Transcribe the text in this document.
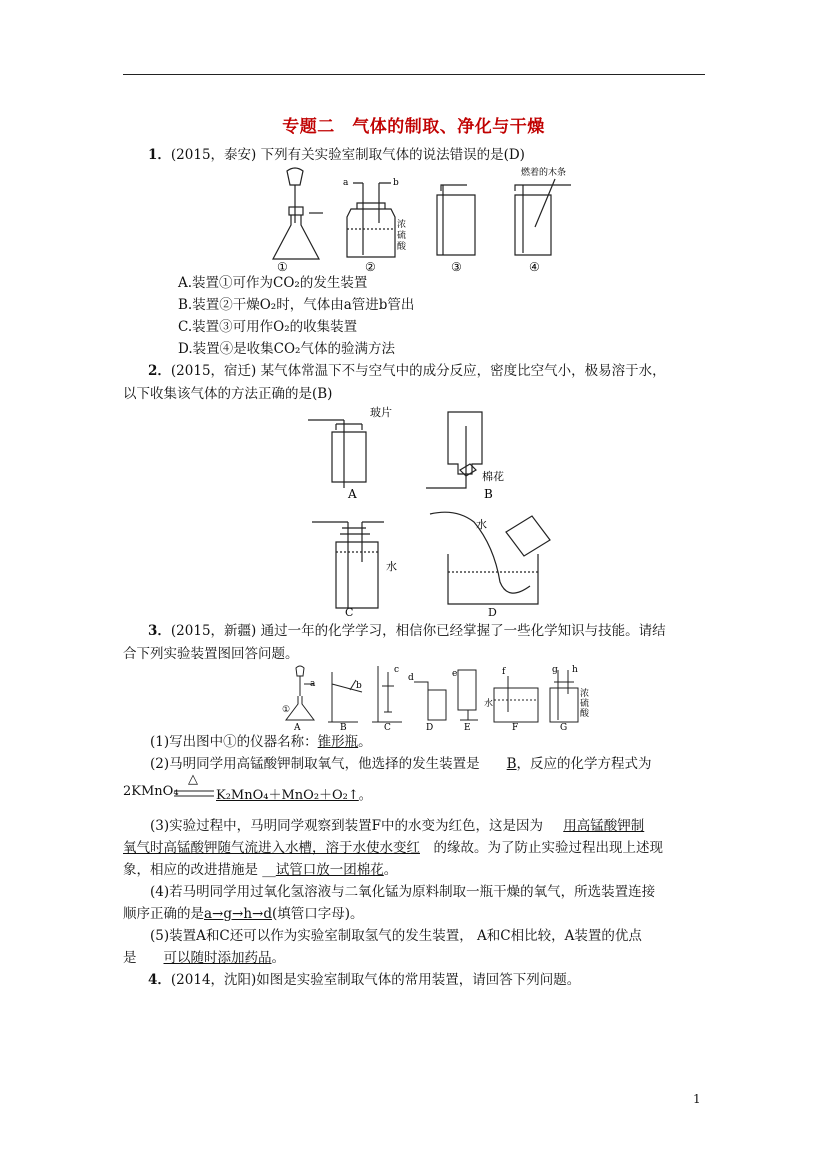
专题二　气体的制取、净化与干燥
1．(2015，泰安) 下列有关实验室制取气体的说法错误的是(D)
①	②	③	④
a	b
浓
硫
酸
燃着的木条
A.装置①可作为CO₂的发生装置
B.装置②干燥O₂时，气体由a管进b管出
C.装置③可用作O₂的收集装置
D.装置④是收集CO₂气体的验满方法
2．(2015，宿迁) 某气体常温下不与空气中的成分反应，密度比空气小，极易溶于水，
以下收集该气体的方法正确的是(B)
A	B
玻片
棉花
水
水
C	D
3．(2015，新疆) 通过一年的化学学习，相信你已经掌握了一些化学知识与技能。请结
合下列实验装置图回答问题。
①
a	b
c
d	e	f	g h
水
浓
硫
酸
A	B	C	D	E	F	G
(1)写出图中①的仪器名称：锥形瓶。
(2)马明同学用高锰酸钾制取氧气，他选择的发生装置是   B，反应的化学方程式为
2KMnO₄
△
K₂MnO₄＋MnO₂＋O₂↑。
(3)实验过程中，马明同学观察到装置F中的水变为红色，这是因为   用高锰酸钾制
氧气时高锰酸钾随气流进入水槽，溶于水使水变红  的缘故。为了防止实验过程出现上述现
象，相应的改进措施是 __试管口放一团棉花。
(4)若马明同学用过氧化氢溶液与二氧化锰为原料制取一瓶干燥的氧气，所选装置连接
顺序正确的是a→g→h→d(填管口字母)。
(5)装置A和C还可以作为实验室制取氢气的发生装置， A和C相比较，A装置的优点
是   可以随时添加药品。
4．(2014，沈阳)如图是实验室制取气体的常用装置，请回答下列问题。
1
